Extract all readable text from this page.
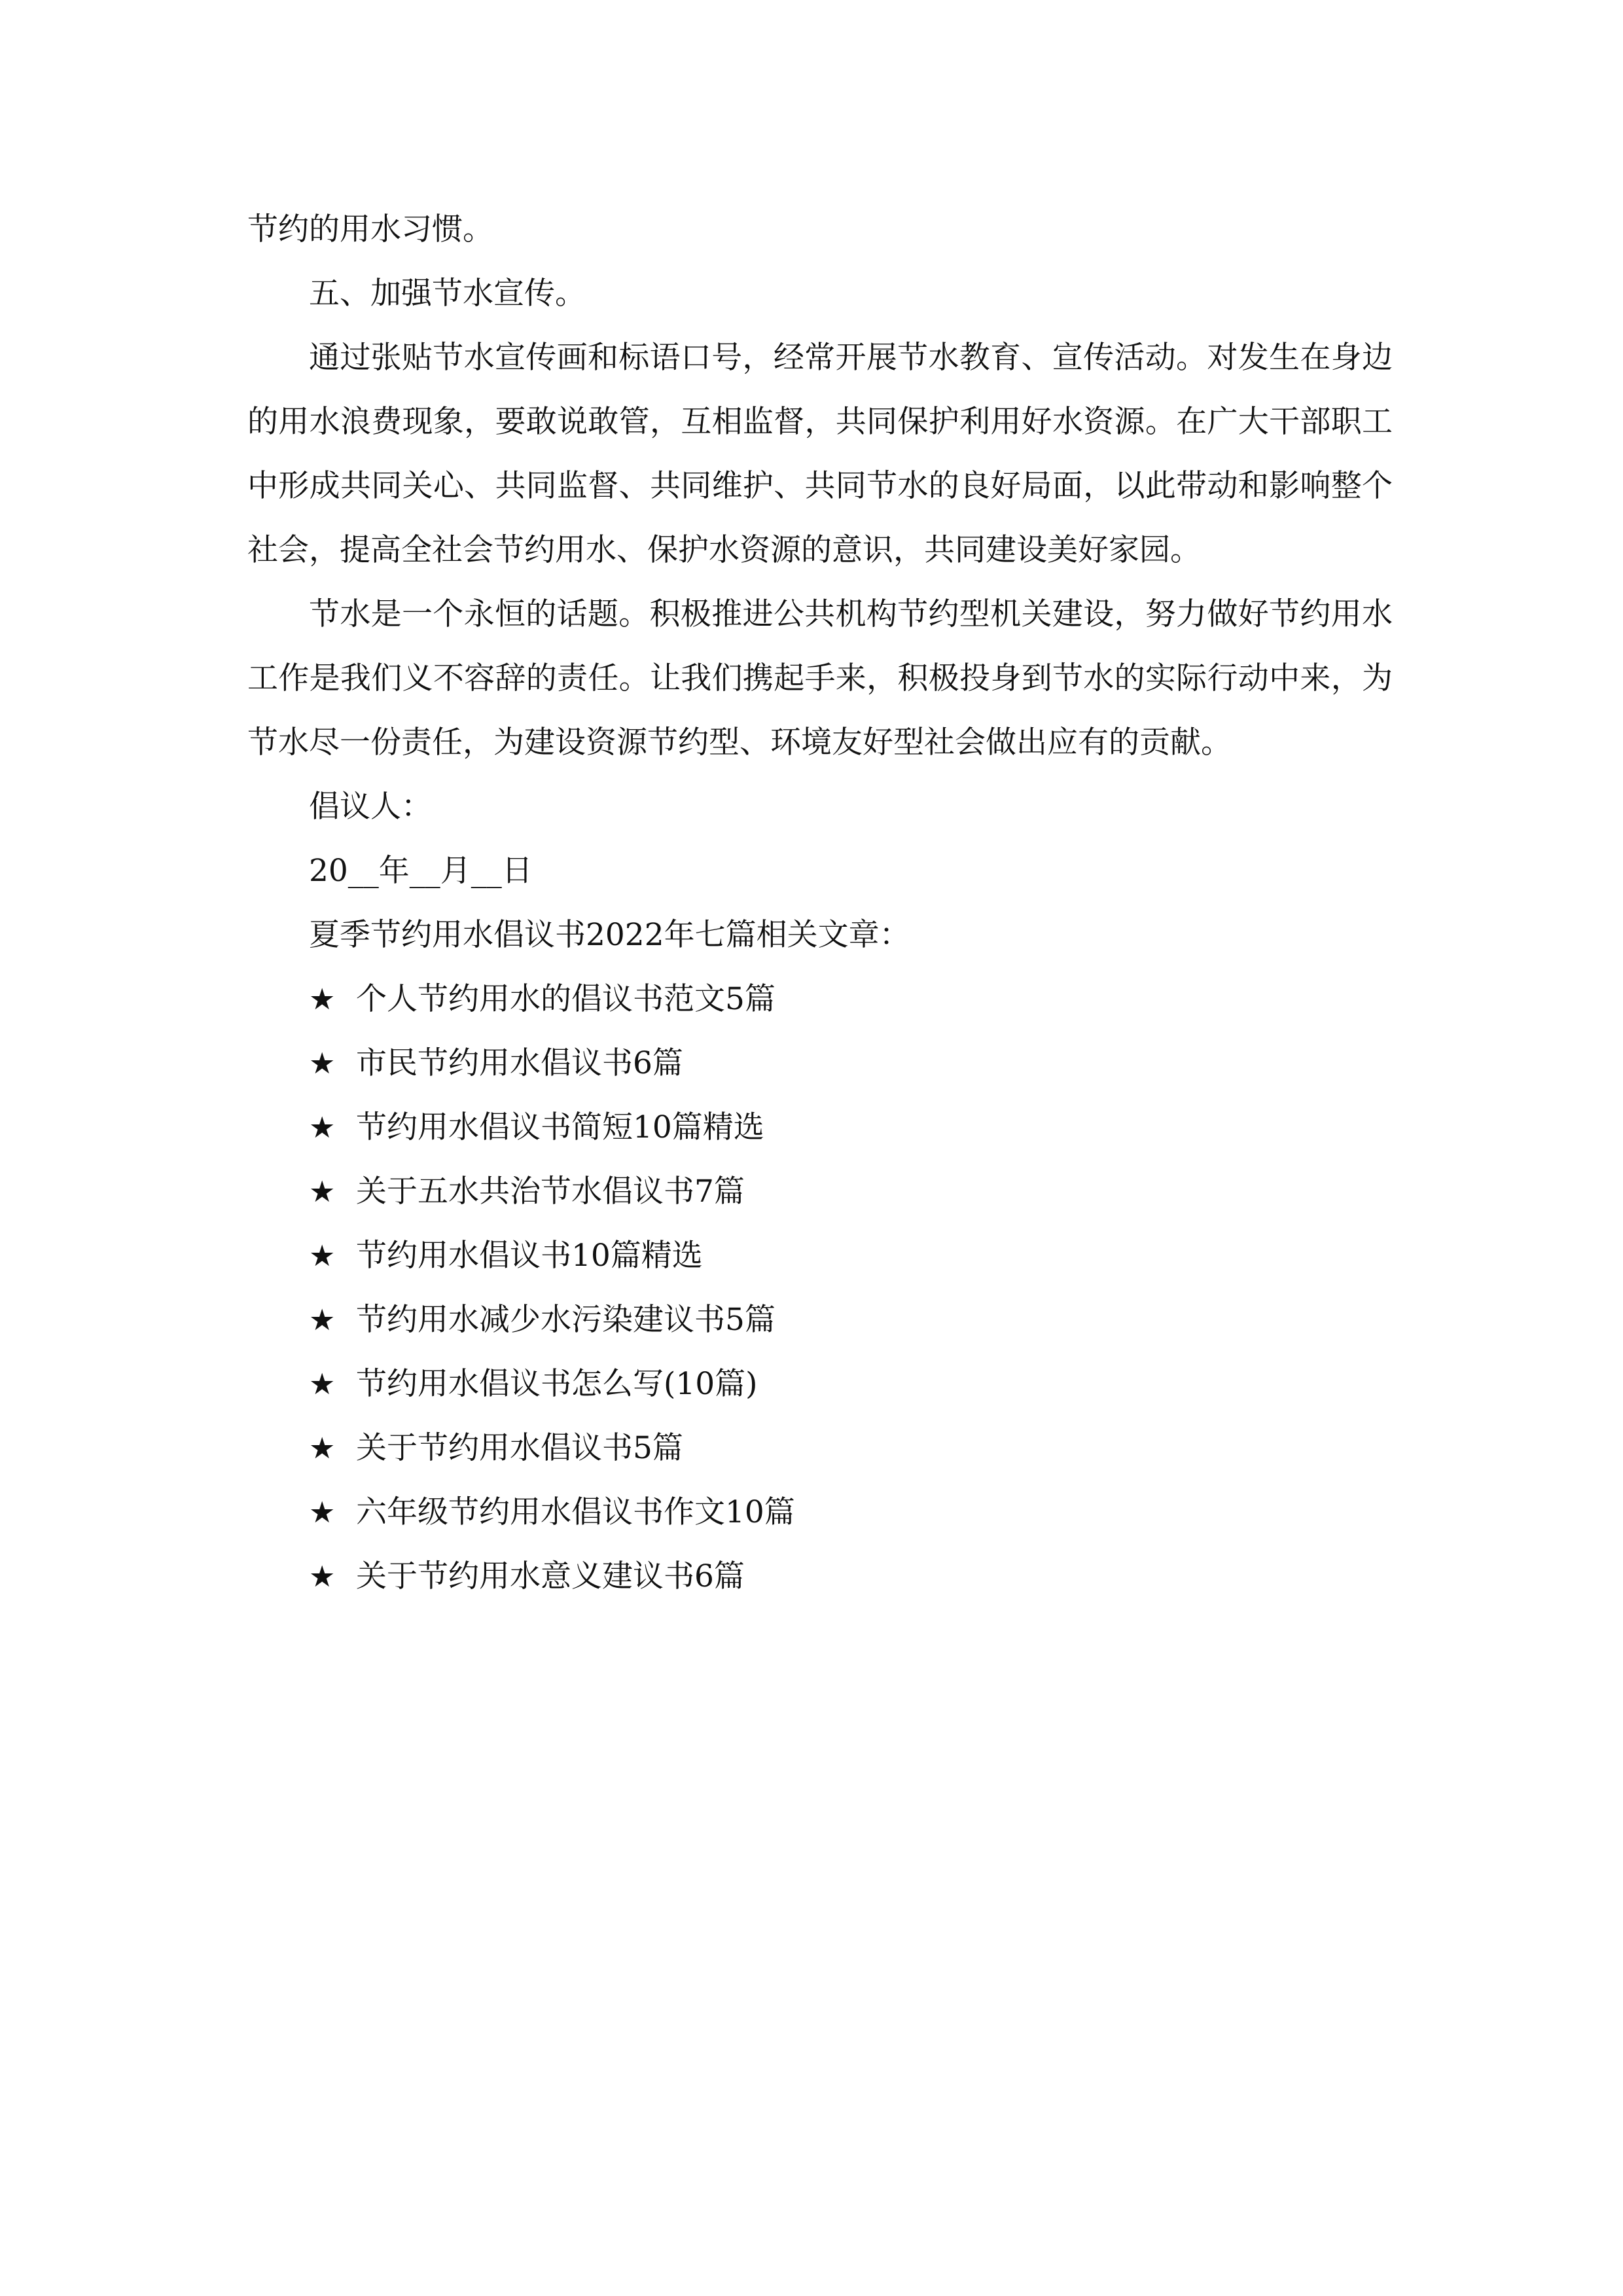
节约的用水习惯。

五、加强节水宣传。

通过张贴节水宣传画和标语口号，经常开展节水教育、宣传活动。对发生在身边的用水浪费现象，要敢说敢管，互相监督，共同保护利用好水资源。在广大干部职工中形成共同关心、共同监督、共同维护、共同节水的良好局面，以此带动和影响整个社会，提高全社会节约用水、保护水资源的意识，共同建设美好家园。

节水是一个永恒的话题。积极推进公共机构节约型机关建设，努力做好节约用水工作是我们义不容辞的责任。让我们携起手来，积极投身到节水的实际行动中来，为节水尽一份责任，为建设资源节约型、环境友好型社会做出应有的贡献。

倡议人：

20__年__月__日

夏季节约用水倡议书2022年七篇相关文章：

★ 个人节约用水的倡议书范文5篇
★ 市民节约用水倡议书6篇
★ 节约用水倡议书简短10篇精选
★ 关于五水共治节水倡议书7篇
★ 节约用水倡议书10篇精选
★ 节约用水减少水污染建议书5篇
★ 节约用水倡议书怎么写(10篇)
★ 关于节约用水倡议书5篇
★ 六年级节约用水倡议书作文10篇
★ 关于节约用水意义建议书6篇
